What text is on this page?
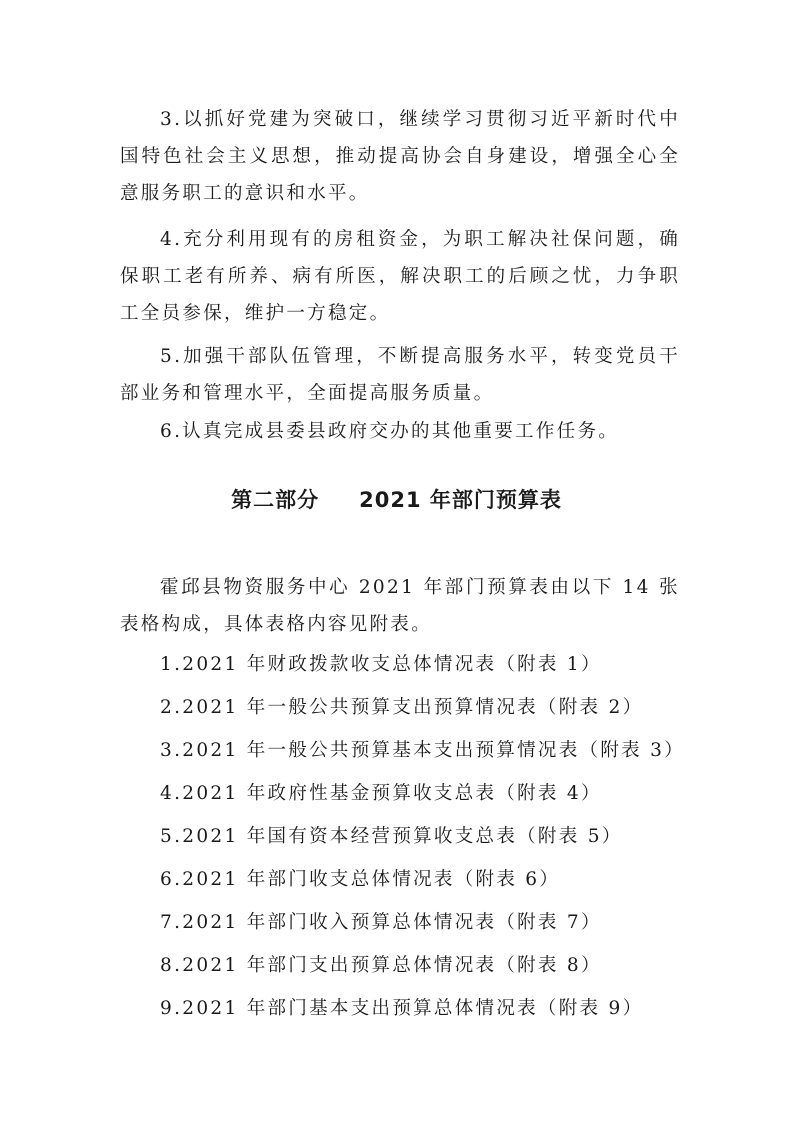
3.以抓好党建为突破口，继续学习贯彻习近平新时代中国特色社会主义思想，推动提高协会自身建设，增强全心全意服务职工的意识和水平。

4.充分利用现有的房租资金，为职工解决社保问题，确保职工老有所养、病有所医，解决职工的后顾之忧，力争职工全员参保，维护一方稳定。

5.加强干部队伍管理，不断提高服务水平，转变党员干部业务和管理水平，全面提高服务质量。

6.认真完成县委县政府交办的其他重要工作任务。

第二部分 2021 年部门预算表

霍邱县物资服务中心 2021 年部门预算表由以下 14 张表格构成，具体表格内容见附表。

1.2021 年财政拨款收支总体情况表（附表 1）
2.2021 年一般公共预算支出预算情况表（附表 2）
3.2021 年一般公共预算基本支出预算情况表（附表 3）
4.2021 年政府性基金预算收支总表（附表 4）
5.2021 年国有资本经营预算收支总表（附表 5）
6.2021 年部门收支总体情况表（附表 6）
7.2021 年部门收入预算总体情况表（附表 7）
8.2021 年部门支出预算总体情况表（附表 8）
9.2021 年部门基本支出预算总体情况表（附表 9）
